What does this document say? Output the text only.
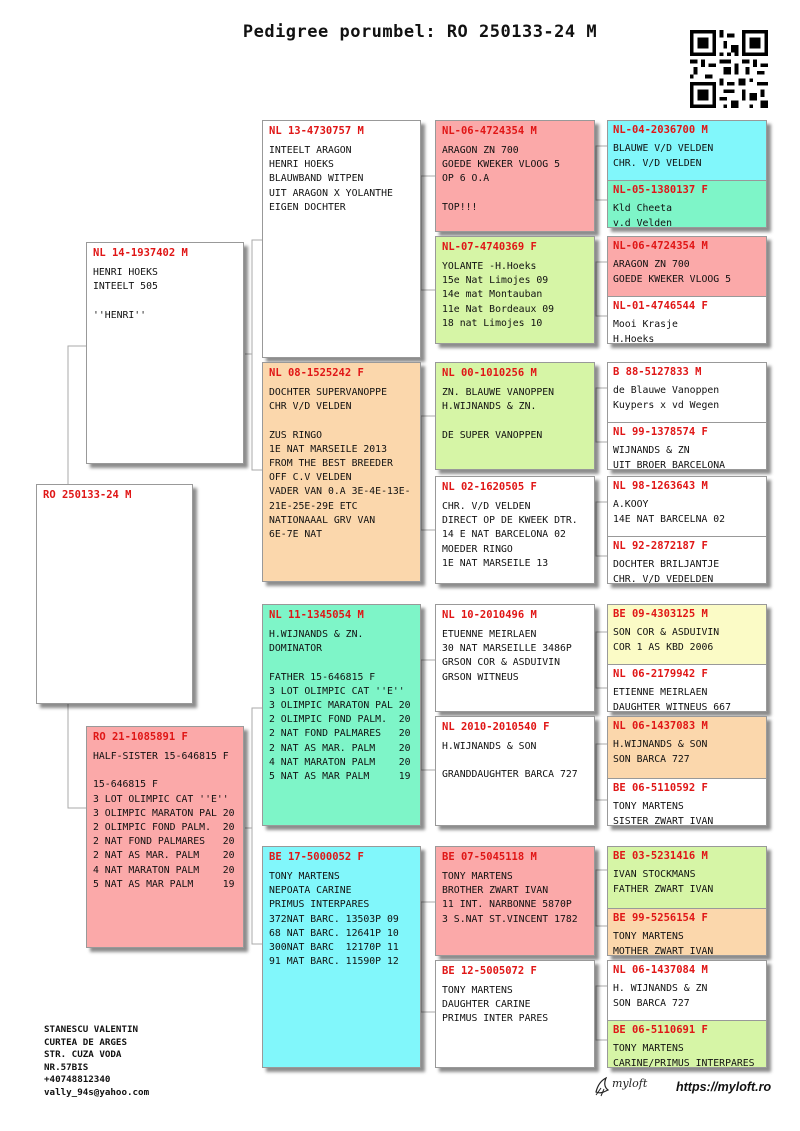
Pedigree porumbel: RO 250133-24 M
RO 250133-24 M
NL 14-1937402 M
HENRI HOEKS
INTEELT 505

''HENRI''
RO 21-1085891 F
HALF-SISTER 15-646815 F

15-646815 F
3 LOT OLIMPIC CAT ''E''
3 OLIMPIC MARATON PAL 20
2 OLIMPIC FOND PALM.  20
2 NAT FOND PALMARES   20
2 NAT AS MAR. PALM    20
4 NAT MARATON PALM    20
5 NAT AS MAR PALM     19
NL 13-4730757 M
INTEELT ARAGON
HENRI HOEKS
BLAUWBAND WITPEN
UIT ARAGON X YOLANTHE
EIGEN DOCHTER
NL 08-1525242 F
DOCHTER SUPERVANOPPE
CHR V/D VELDEN

ZUS RINGO
1E NAT MARSEILE 2013
FROM THE BEST BREEDER
OFF C.V VELDEN
VADER VAN 0.A 3E-4E-13E-
21E-25E-29E ETC
NATIONAAAL GRV VAN
6E-7E NAT
NL 11-1345054 M
H.WIJNANDS & ZN.
DOMINATOR

FATHER 15-646815 F
3 LOT OLIMPIC CAT ''E''
3 OLIMPIC MARATON PAL 20
2 OLIMPIC FOND PALM.  20
2 NAT FOND PALMARES   20
2 NAT AS MAR. PALM    20
4 NAT MARATON PALM    20
5 NAT AS MAR PALM     19
BE 17-5000052 F
TONY MARTENS
NEPOATA CARINE
PRIMUS INTERPARES
372NAT BARC. 13503P 09
68 NAT BARC. 12641P 10
300NAT BARC  12170P 11
91 MAT BARC. 11590P 12
NL-06-4724354 M
ARAGON ZN 700
GOEDE KWEKER VLOOG 5
OP 6 O.A

TOP!!!
NL-07-4740369 F
YOLANTE -H.Hoeks
15e Nat Limojes 09
14e mat Montauban
11e Nat Bordeaux 09
18 nat Limojes 10
NL 00-1010256 M
ZN. BLAUWE VANOPPEN
H.WIJNANDS & ZN.

DE SUPER VANOPPEN
NL 02-1620505 F
CHR. V/D VELDEN
DIRECT OP DE KWEEK DTR.
14 E NAT BARCELONA 02
MOEDER RINGO
1E NAT MARSEILE 13
NL 10-2010496 M
ETUENNE MEIRLAEN
30 NAT MARSEILLE 3486P
GRSON COR & ASDUIVIN
GRSON WITNEUS
NL 2010-2010540 F
H.WIJNANDS & SON

GRANDDAUGHTER BARCA 727
BE 07-5045118 M
TONY MARTENS
BROTHER ZWART IVAN
11 INT. NARBONNE 5870P
3 S.NAT ST.VINCENT 1782
BE 12-5005072 F
TONY MARTENS
DAUGHTER CARINE
PRIMUS INTER PARES
NL-04-2036700 M
BLAUWE V/D VELDEN
CHR. V/D VELDEN
NL-05-1380137 F
Kld Cheeta
v.d Velden
NL-06-4724354 M
ARAGON ZN 700
GOEDE KWEKER VLOOG 5
NL-01-4746544 F
Mooi Krasje
H.Hoeks
B 88-5127833 M
de Blauwe Vanoppen
Kuypers x vd Wegen
NL 99-1378574 F
WIJNANDS & ZN
UIT BROER BARCELONA
NL 98-1263643 M
A.KOOY
14E NAT BARCELNA 02
NL 92-2872187 F
DOCHTER BRILJANTJE
CHR. V/D VEDELDEN
BE 09-4303125 M
SON COR & ASDUIVIN
COR 1 AS KBD 2006
NL 06-2179942 F
ETIENNE MEIRLAEN
DAUGHTER WITNEUS 667
NL 06-1437083 M
H.WIJNANDS & SON
SON BARCA 727
BE 06-5110592 F
TONY MARTENS
SISTER ZWART IVAN
BE 03-5231416 M
IVAN STOCKMANS
FATHER ZWART IVAN
BE 99-5256154 F
TONY MARTENS
MOTHER ZWART IVAN
NL 06-1437084 M
H. WIJNANDS & ZN
SON BARCA 727
BE 06-5110691 F
TONY MARTENS
CARINE/PRIMUS INTERPARES
STANESCU VALENTIN
CURTEA DE ARGES
STR. CUZA VODA
NR.57BIS
+40748812340
vally_94s@yahoo.com
myloft https://myloft.ro
